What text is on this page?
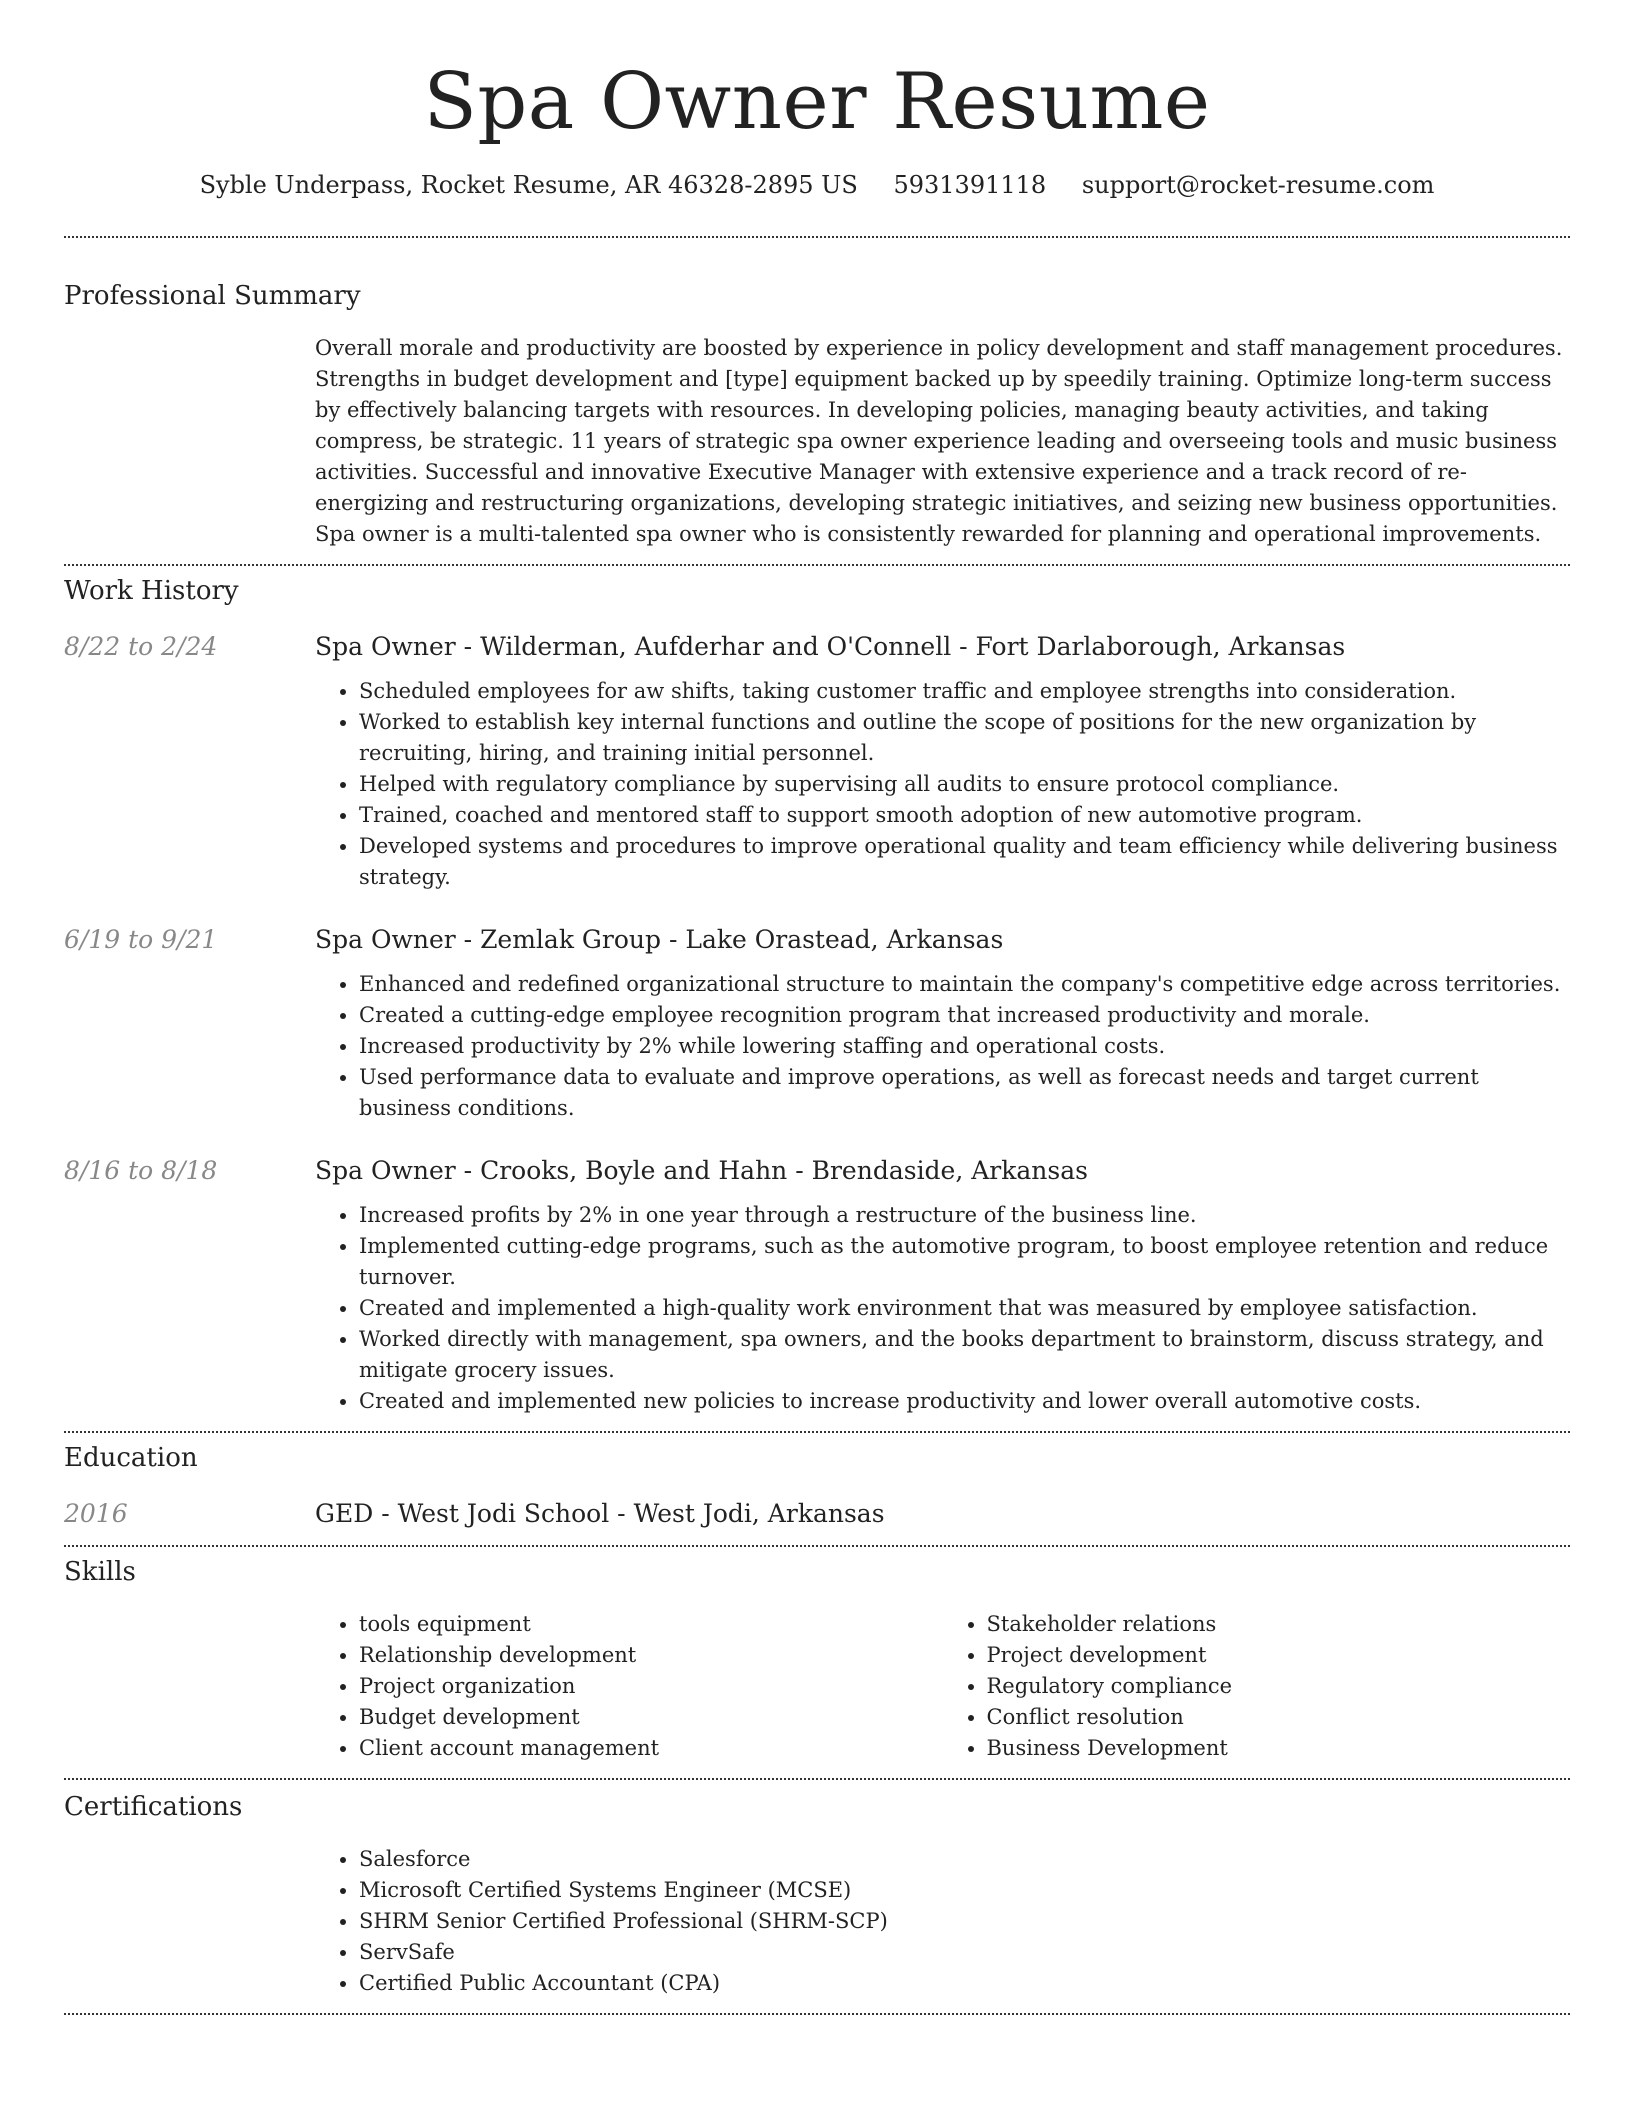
Spa Owner Resume
Syble Underpass, Rocket Resume, AR 46328-2895 US 5931391118 support@rocket-resume.com
Professional Summary

Overall morale and productivity are boosted by experience in policy development and staff management procedures. Strengths in budget development and [type] equipment backed up by speedily training. Optimize long-term success by effectively balancing targets with resources. In developing policies, managing beauty activities, and taking compress, be strategic. 11 years of strategic spa owner experience leading and overseeing tools and music business activities. Successful and innovative Executive Manager with extensive experience and a track record of re-energizing and restructuring organizations, developing strategic initiatives, and seizing new business opportunities. Spa owner is a multi-talented spa owner who is consistently rewarded for planning and operational improvements.

Work History
8/22 to 2/24	Spa Owner - Wilderman, Aufderhar and O'Connell - Fort Darlaborough, Arkansas
• Scheduled employees for aw shifts, taking customer traffic and employee strengths into consideration.
• Worked to establish key internal functions and outline the scope of positions for the new organization by recruiting, hiring, and training initial personnel.
• Helped with regulatory compliance by supervising all audits to ensure protocol compliance.
• Trained, coached and mentored staff to support smooth adoption of new automotive program.
• Developed systems and procedures to improve operational quality and team efficiency while delivering business strategy.
6/19 to 9/21	Spa Owner - Zemlak Group - Lake Orastead, Arkansas
• Enhanced and redefined organizational structure to maintain the company's competitive edge across territories.
• Created a cutting-edge employee recognition program that increased productivity and morale.
• Increased productivity by 2% while lowering staffing and operational costs.
• Used performance data to evaluate and improve operations, as well as forecast needs and target current business conditions.
8/16 to 8/18	Spa Owner - Crooks, Boyle and Hahn - Brendaside, Arkansas
• Increased profits by 2% in one year through a restructure of the business line.
• Implemented cutting-edge programs, such as the automotive program, to boost employee retention and reduce turnover.
• Created and implemented a high-quality work environment that was measured by employee satisfaction.
• Worked directly with management, spa owners, and the books department to brainstorm, discuss strategy, and mitigate grocery issues.
• Created and implemented new policies to increase productivity and lower overall automotive costs.
Education
2016	GED - West Jodi School - West Jodi, Arkansas
Skills
• tools equipment
• Relationship development
• Project organization
• Budget development
• Client account management
• Stakeholder relations
• Project development
• Regulatory compliance
• Conflict resolution
• Business Development
Certifications
• Salesforce
• Microsoft Certified Systems Engineer (MCSE)
• SHRM Senior Certified Professional (SHRM-SCP)
• ServSafe
• Certified Public Accountant (CPA)
